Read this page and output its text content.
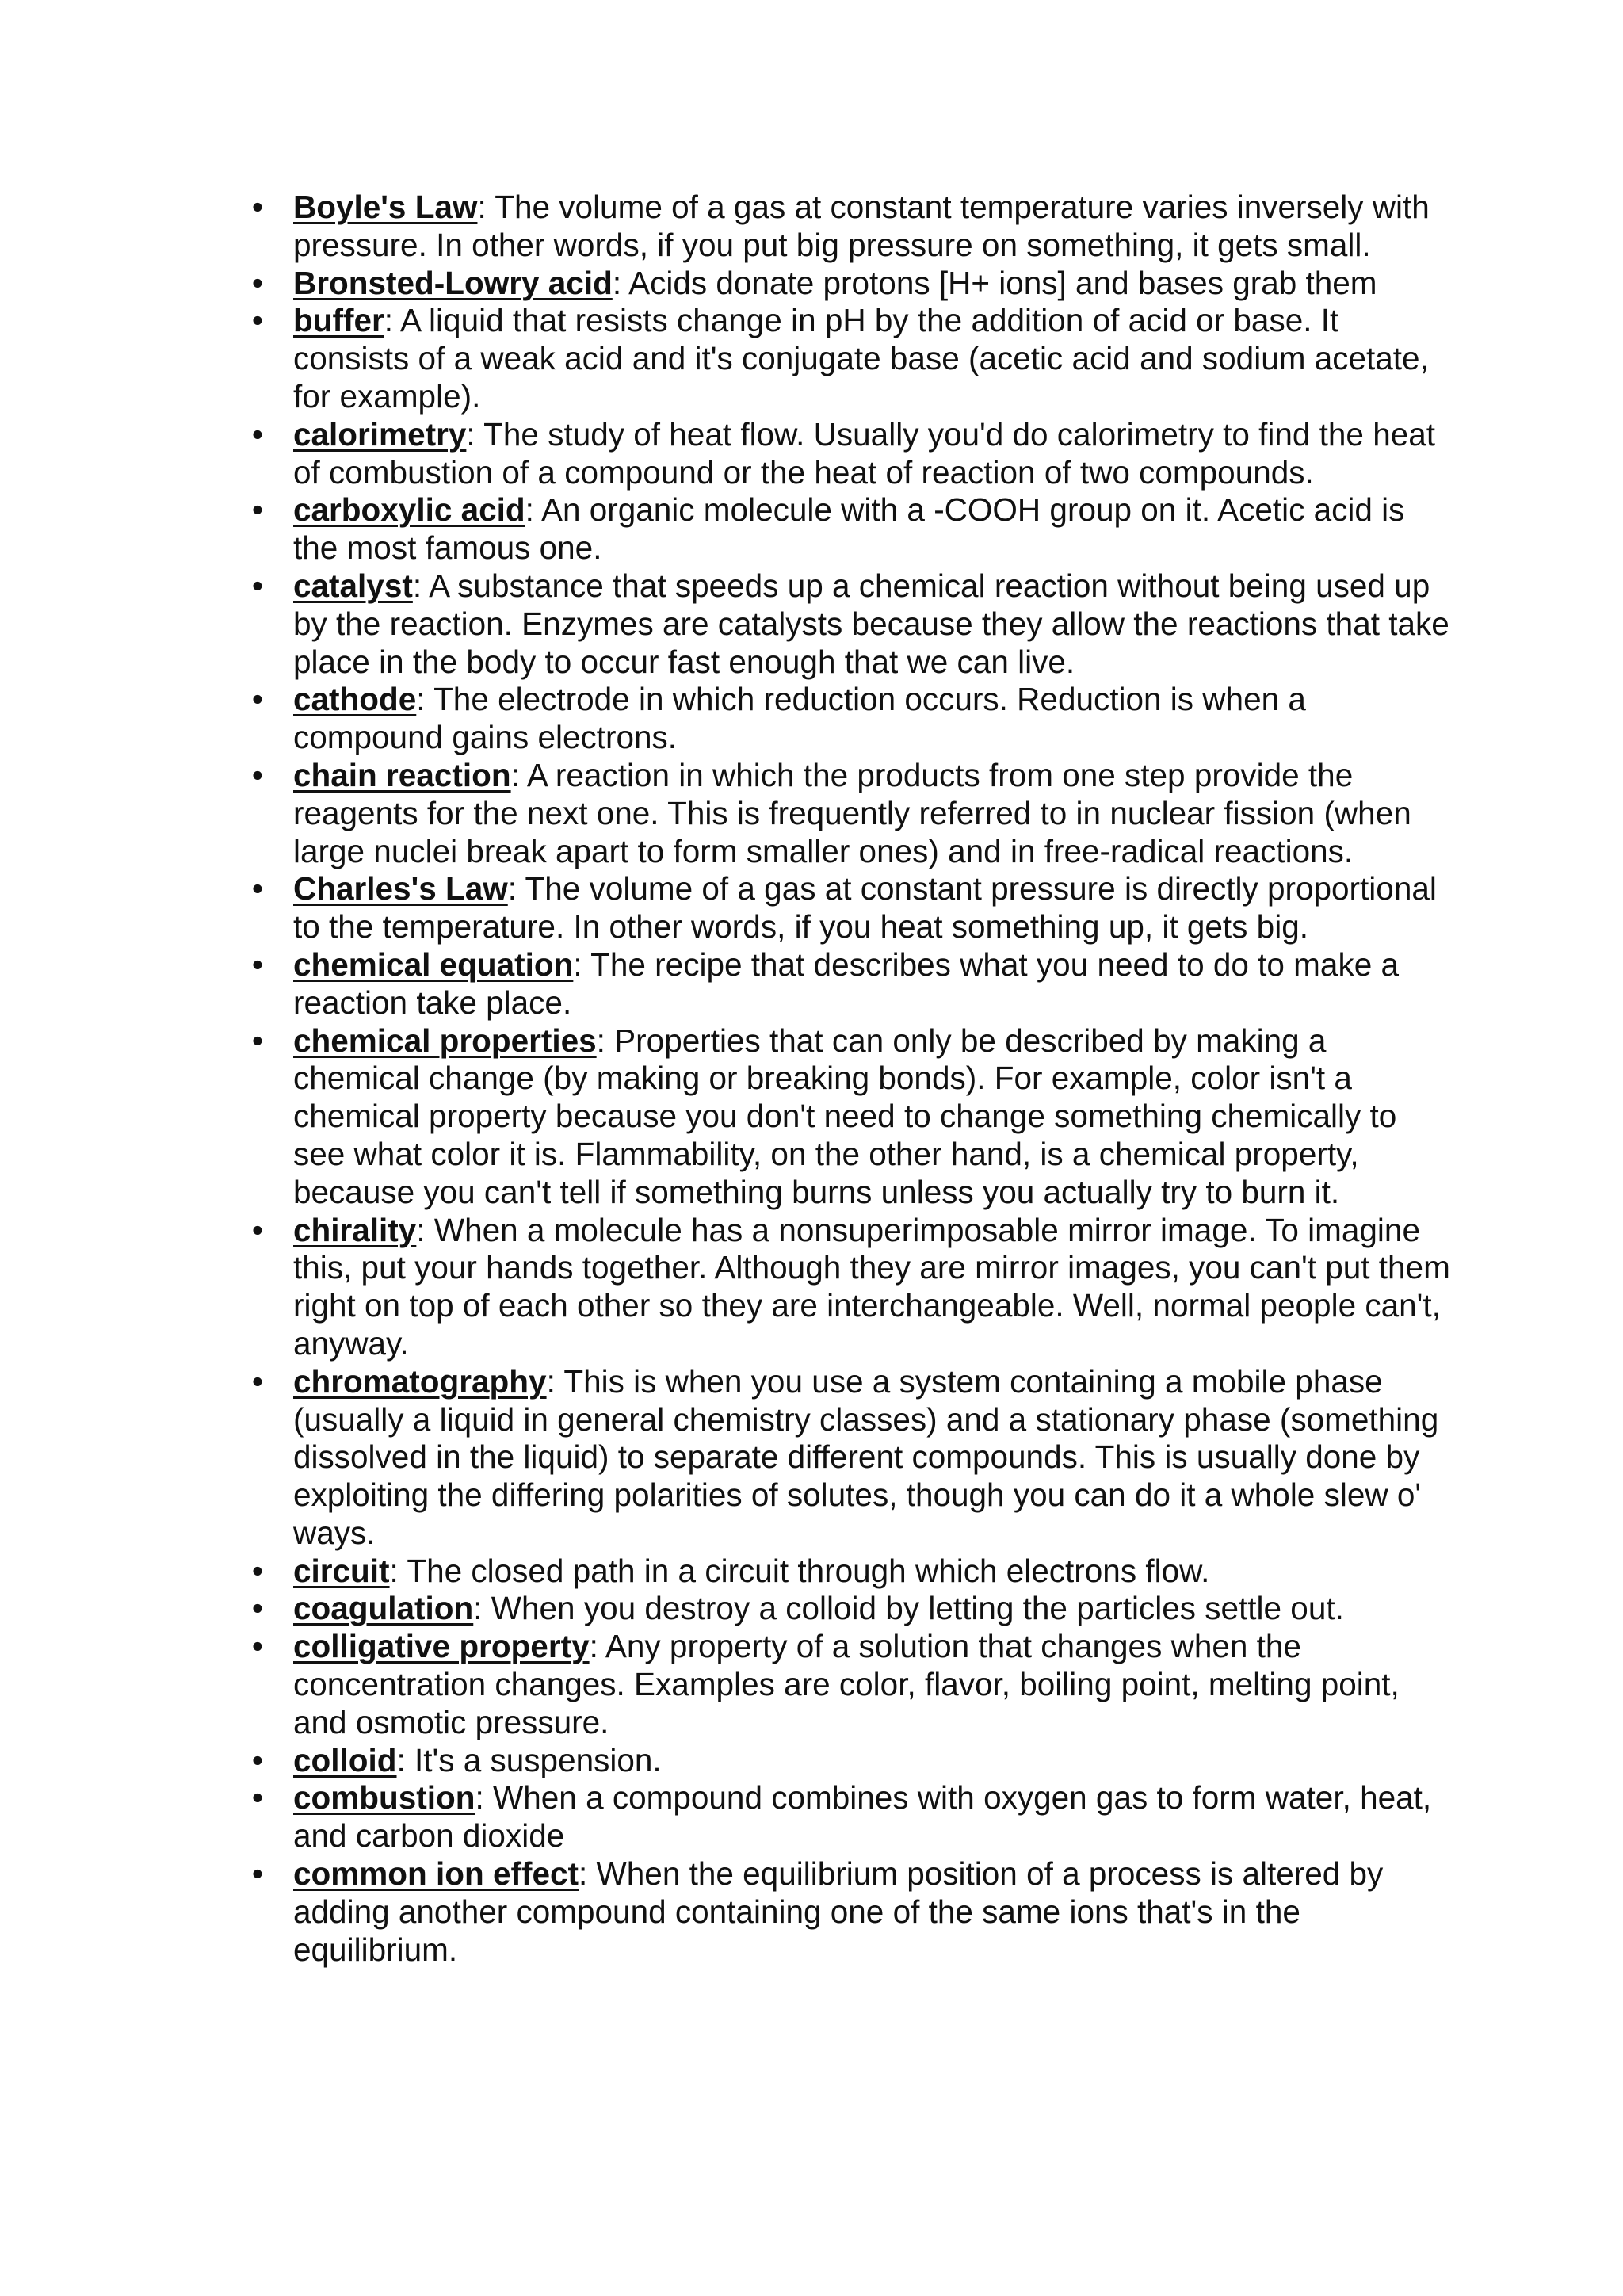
• Boyle's Law: The volume of a gas at constant temperature varies inversely with pressure. In other words, if you put big pressure on something, it gets small.
• Bronsted-Lowry acid: Acids donate protons [H+ ions] and bases grab them
• buffer: A liquid that resists change in pH by the addition of acid or base. It consists of a weak acid and it's conjugate base (acetic acid and sodium acetate, for example).
• calorimetry: The study of heat flow. Usually you'd do calorimetry to find the heat of combustion of a compound or the heat of reaction of two compounds.
• carboxylic acid: An organic molecule with a -COOH group on it. Acetic acid is the most famous one.
• catalyst: A substance that speeds up a chemical reaction without being used up by the reaction. Enzymes are catalysts because they allow the reactions that take place in the body to occur fast enough that we can live.
• cathode: The electrode in which reduction occurs. Reduction is when a compound gains electrons.
• chain reaction: A reaction in which the products from one step provide the reagents for the next one. This is frequently referred to in nuclear fission (when large nuclei break apart to form smaller ones) and in free-radical reactions.
• Charles's Law: The volume of a gas at constant pressure is directly proportional to the temperature. In other words, if you heat something up, it gets big.
• chemical equation: The recipe that describes what you need to do to make a reaction take place.
• chemical properties: Properties that can only be described by making a chemical change (by making or breaking bonds). For example, color isn't a chemical property because you don't need to change something chemically to see what color it is. Flammability, on the other hand, is a chemical property, because you can't tell if something burns unless you actually try to burn it.
• chirality: When a molecule has a nonsuperimposable mirror image. To imagine this, put your hands together. Although they are mirror images, you can't put them right on top of each other so they are interchangeable. Well, normal people can't, anyway.
• chromatography: This is when you use a system containing a mobile phase (usually a liquid in general chemistry classes) and a stationary phase (something dissolved in the liquid) to separate different compounds. This is usually done by exploiting the differing polarities of solutes, though you can do it a whole slew o' ways.
• circuit: The closed path in a circuit through which electrons flow.
• coagulation: When you destroy a colloid by letting the particles settle out.
• colligative property: Any property of a solution that changes when the concentration changes. Examples are color, flavor, boiling point, melting point, and osmotic pressure.
• colloid: It's a suspension.
• combustion: When a compound combines with oxygen gas to form water, heat, and carbon dioxide
• common ion effect: When the equilibrium position of a process is altered by adding another compound containing one of the same ions that's in the equilibrium.
